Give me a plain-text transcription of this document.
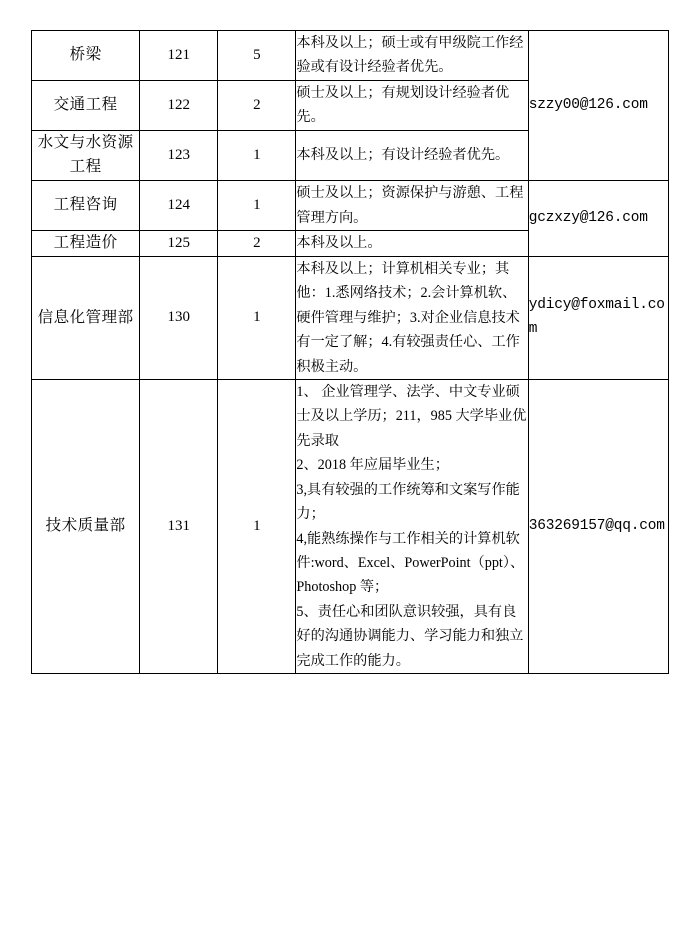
桥梁	121	5	本科及以上；硕士或有甲级院工作经验或有设计经验者优先。	szzy00@126.com
交通工程	122	2	硕士及以上；有规划设计经验者优先。	
水文与水资源工程	123	1	本科及以上；有设计经验者优先。	
工程咨询	124	1	硕士及以上；资源保护与游憩、工程管理方向。	gczxzy@126.com
工程造价	125	2	本科及以上。	
信息化管理部	130	1	本科及以上；计算机相关专业；其他：1.悉网络技术；2.会计算机软、硬件管理与维护；3.对企业信息技术有一定了解；4.有较强责任心、工作积极主动。	ydicy@foxmail.com
技术质量部	131	1	1、 企业管理学、法学、中文专业硕士及以上学历；211，985 大学毕业优先录取

2、2018 年应届毕业生；

3,具有较强的工作统筹和文案写作能力；

4,能熟练操作与工作相关的计算机软件:word、Excel、PowerPoint（ppt）、Photoshop 等；

5、责任心和团队意识较强，具有良好的沟通协调能力、学习能力和独立完成工作的能力。	363269157@qq.com
